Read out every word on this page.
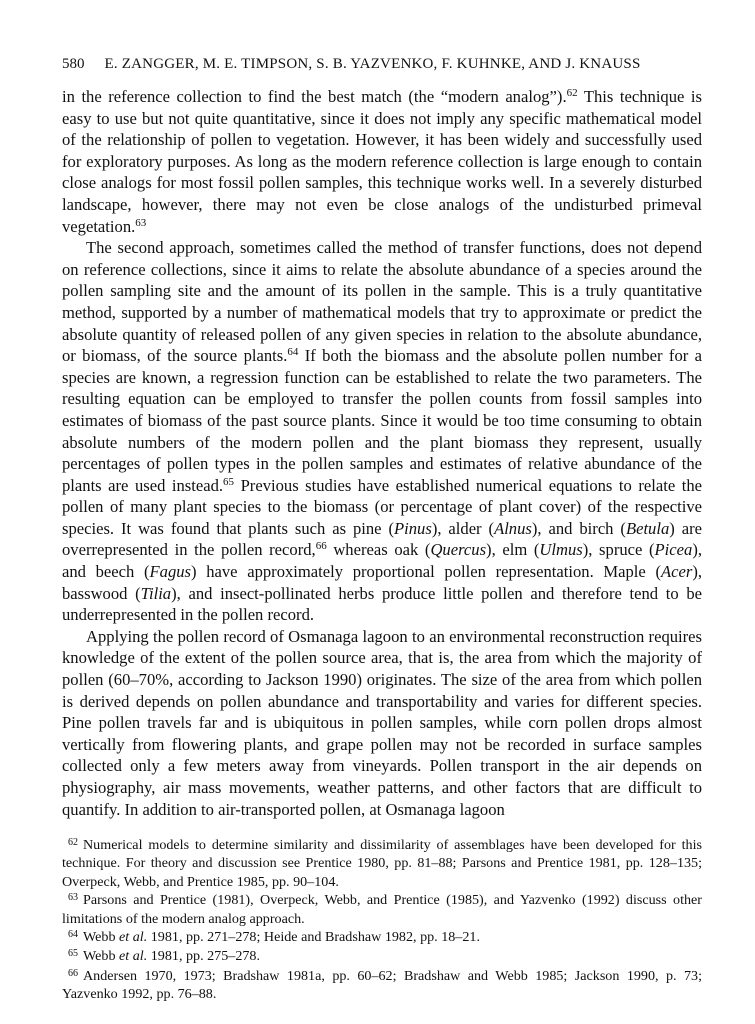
580 E. ZANGGER, M. E. TIMPSON, S. B. YAZVENKO, F. KUHNKE, AND J. KNAUSS

in the reference collection to find the best match (the “modern analog”).$^{62}$ This technique is easy to use but not quite quantitative, since it does not imply any specific mathematical model of the relationship of pollen to vegetation. However, it has been widely and successfully used for exploratory purposes. As long as the modern reference collection is large enough to contain close analogs for most fossil pollen samples, this technique works well. In a severely disturbed landscape, however, there may not even be close analogs of the undisturbed primeval vegetation.$^{63}$

The second approach, sometimes called the method of transfer functions, does not depend on reference collections, since it aims to relate the absolute abundance of a species around the pollen sampling site and the amount of its pollen in the sample. This is a truly quantitative method, supported by a number of mathematical models that try to approximate or predict the absolute quantity of released pollen of any given species in relation to the absolute abundance, or biomass, of the source plants.$^{64}$ If both the biomass and the absolute pollen number for a species are known, a regression function can be established to relate the two parameters. The resulting equation can be employed to transfer the pollen counts from fossil samples into estimates of biomass of the past source plants. Since it would be too time consuming to obtain absolute numbers of the modern pollen and the plant biomass they represent, usually percentages of pollen types in the pollen samples and estimates of relative abundance of the plants are used instead.$^{65}$ Previous studies have established numerical equations to relate the pollen of many plant species to the biomass (or percentage of plant cover) of the respective species. It was found that plants such as pine (Pinus), alder (Alnus), and birch (Betula) are overrepresented in the pollen record,$^{66}$ whereas oak (Quercus), elm (Ulmus), spruce (Picea), and beech (Fagus) have approximately proportional pollen representation. Maple (Acer), basswood (Tilia), and insect-pollinated herbs produce little pollen and therefore tend to be underrepresented in the pollen record.

Applying the pollen record of Osmanaga lagoon to an environmental reconstruction requires knowledge of the extent of the pollen source area, that is, the area from which the majority of pollen (60–70%, according to Jackson 1990) originates. The size of the area from which pollen is derived depends on pollen abundance and transportability and varies for different species. Pine pollen travels far and is ubiquitous in pollen samples, while corn pollen drops almost vertically from flowering plants, and grape pollen may not be recorded in surface samples collected only a few meters away from vineyards. Pollen transport in the air depends on physiography, air mass movements, weather patterns, and other factors that are difficult to quantify. In addition to air-transported pollen, at Osmanaga lagoon

$^{62}$ Numerical models to determine similarity and dissimilarity of assemblages have been developed for this technique. For theory and discussion see Prentice 1980, pp. 81–88; Parsons and Prentice 1981, pp. 128–135; Overpeck, Webb, and Prentice 1985, pp. 90–104.

$^{63}$ Parsons and Prentice (1981), Overpeck, Webb, and Prentice (1985), and Yazvenko (1992) discuss other limitations of the modern analog approach.

$^{64}$ Webb et al. 1981, pp. 271–278; Heide and Bradshaw 1982, pp. 18–21.

$^{65}$ Webb et al. 1981, pp. 275–278.

$^{66}$ Andersen 1970, 1973; Bradshaw 1981a, pp. 60–62; Bradshaw and Webb 1985; Jackson 1990, p. 73; Yazvenko 1992, pp. 76–88.
